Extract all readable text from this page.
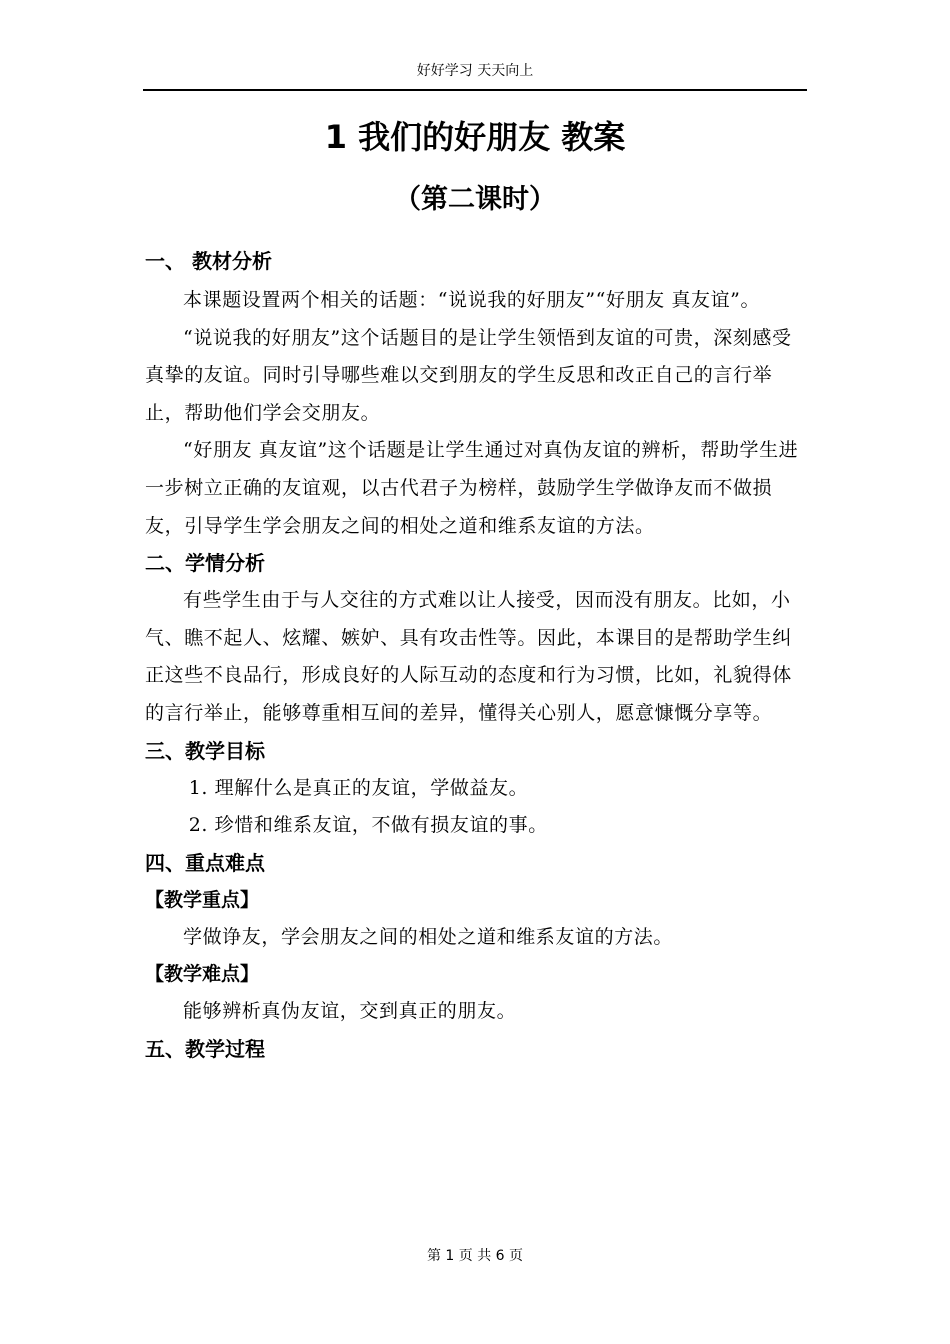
好好学习 天天向上
1 我们的好朋友 教案
（第二课时）
一、 教材分析

本课题设置两个相关的话题：“说说我的好朋友”“好朋友 真友谊”。

“说说我的好朋友”这个话题目的是让学生领悟到友谊的可贵，深刻感受真挚的友谊。同时引导哪些难以交到朋友的学生反思和改正自己的言行举止，帮助他们学会交朋友。

“好朋友 真友谊”这个话题是让学生通过对真伪友谊的辨析，帮助学生进一步树立正确的友谊观，以古代君子为榜样，鼓励学生学做诤友而不做损友，引导学生学会朋友之间的相处之道和维系友谊的方法。

二、学情分析

有些学生由于与人交往的方式难以让人接受，因而没有朋友。比如，小气、瞧不起人、炫耀、嫉妒、具有攻击性等。因此，本课目的是帮助学生纠正这些不良品行，形成良好的人际互动的态度和行为习惯，比如，礼貌得体的言行举止，能够尊重相互间的差异，懂得关心别人，愿意慷慨分享等。

三、教学目标

1. 理解什么是真正的友谊，学做益友。

2. 珍惜和维系友谊，不做有损友谊的事。

四、重点难点

【教学重点】

学做诤友，学会朋友之间的相处之道和维系友谊的方法。

【教学难点】

能够辨析真伪友谊，交到真正的朋友。

五、教学过程
第 1 页 共 6 页
